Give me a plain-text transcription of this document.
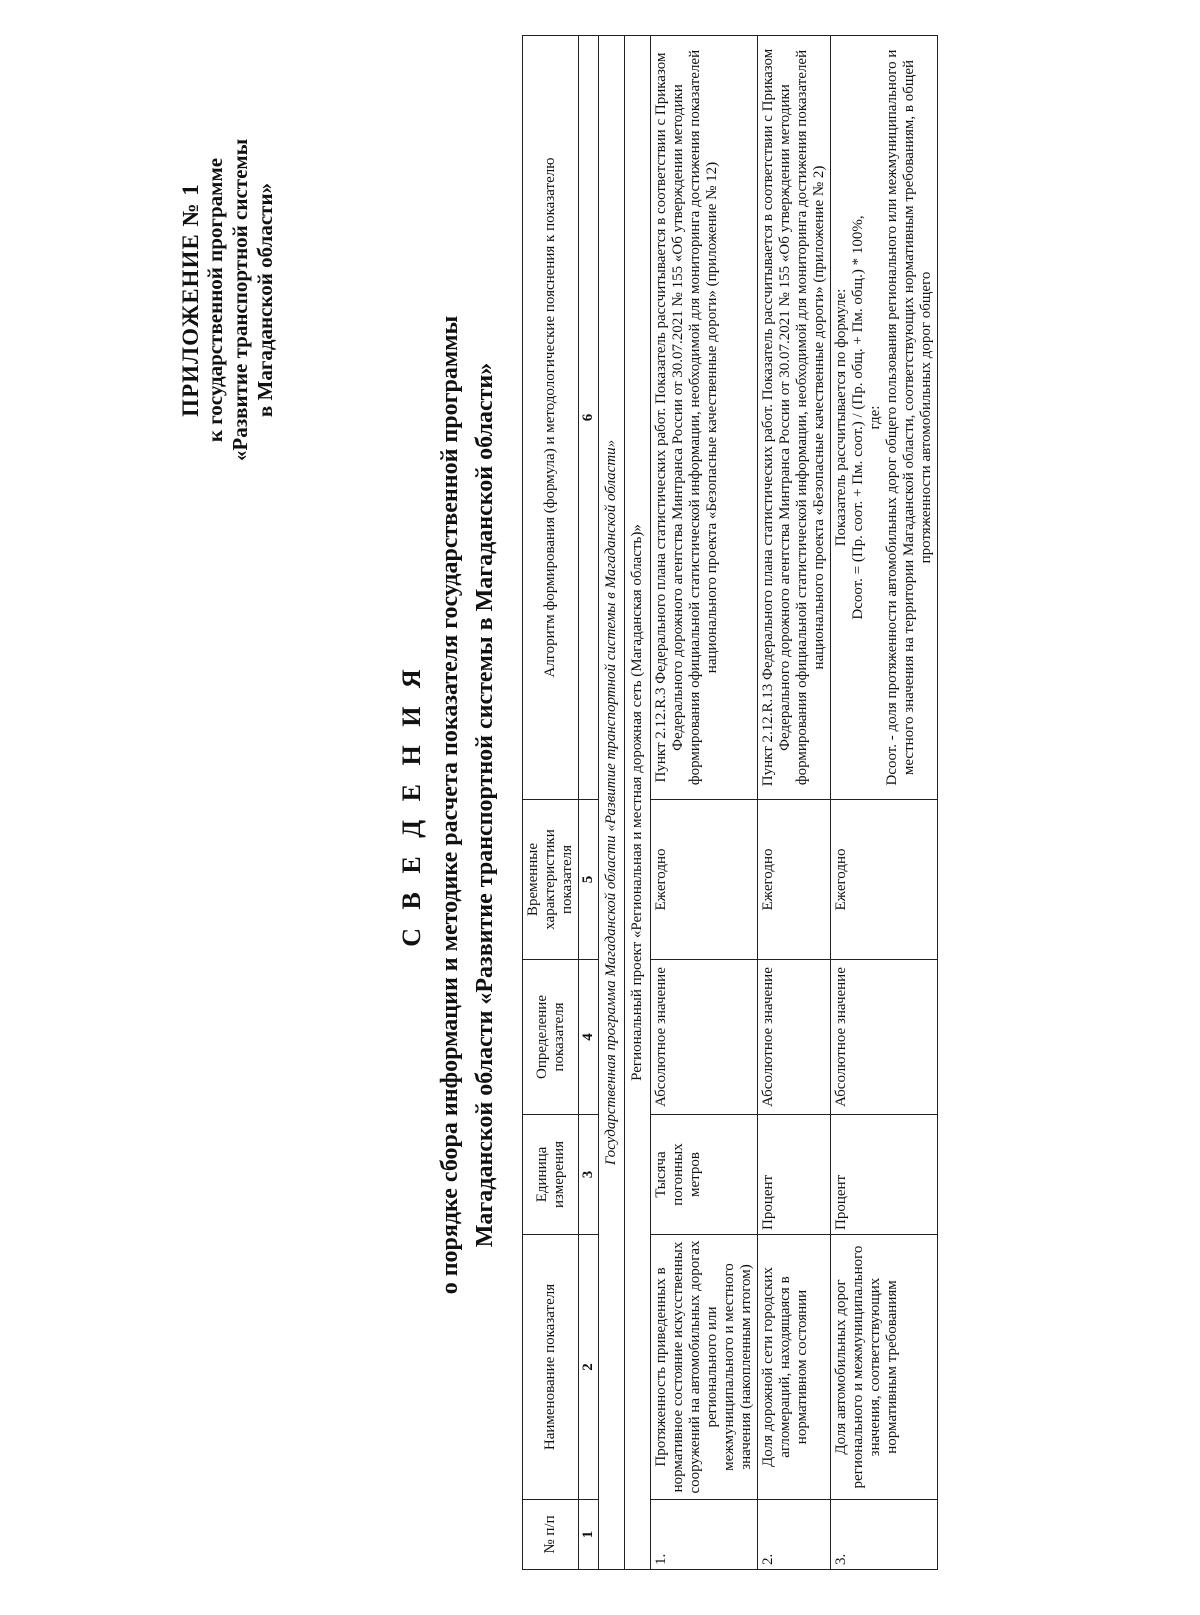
ПРИЛОЖЕНИЕ № 1 к государственной программе «Развитие транспортной системы в Магаданской области»
С В Е Д Е Н И Я о порядке сбора информации и методике расчета показателя государственной программы Магаданской области «Развитие транспортной системы в Магаданской области»
№ п/п	Наименование показателя	Единица измерения	Определение показателя	Временные характеристики показателя	Алгоритм формирования (формула) и методологические пояснения к показателю
1	2	3	4	5	6
Государственная программа Магаданской области «Развитие транспортной системы в Магаданской области»					
Региональный проект «Региональная и местная дорожная сеть (Магаданская область)»					
1.	Протяженность приведенных в нормативное состояние искусственных сооружений на автомобильных дорогах регионального или межмуниципального и местного значения (накопленным итогом)	Тысяча погонных метров	Абсолютное значение	Ежегодно	Пункт 2.12.R.3 Федерального плана статистических работ. Показатель рассчитывается в соответствии с Приказом Федерального дорожного агентства Минтранса России от 30.07.2021 № 155 «Об утверждении методики формирования официальной статистической информации, необходимой для мониторинга достижения показателей национального проекта «Безопасные качественные дороги» (приложение № 12)
2.	Доля дорожной сети городских агломераций, находящаяся в нормативном состоянии	Процент	Абсолютное значение	Ежегодно	Пункт 2.12.R.13 Федерального плана статистических работ. Показатель рассчитывается в соответствии с Приказом Федерального дорожного агентства Минтранса России от 30.07.2021 № 155 «Об утверждении методики формирования официальной статистической информации, необходимой для мониторинга достижения показателей национального проекта «Безопасные качественные дороги» (приложение № 2)
3.	Доля автомобильных дорог регионального и межмуниципального значения, соответствующих нормативным требованиям	Процент	Абсолютное значение	Ежегодно	Показатель рассчитывается по формуле: Dсоот. = (Пр. соот. + Пм. соот.) / (Пр. общ. + Пм. общ.) * 100%, где: Dсоот. - доля протяженности автомобильных дорог общего пользования регионального или межмуниципального и местного значения на территории Магаданской области, соответствующих нормативным требованиям, в общей протяженности автомобильных дорог общего
